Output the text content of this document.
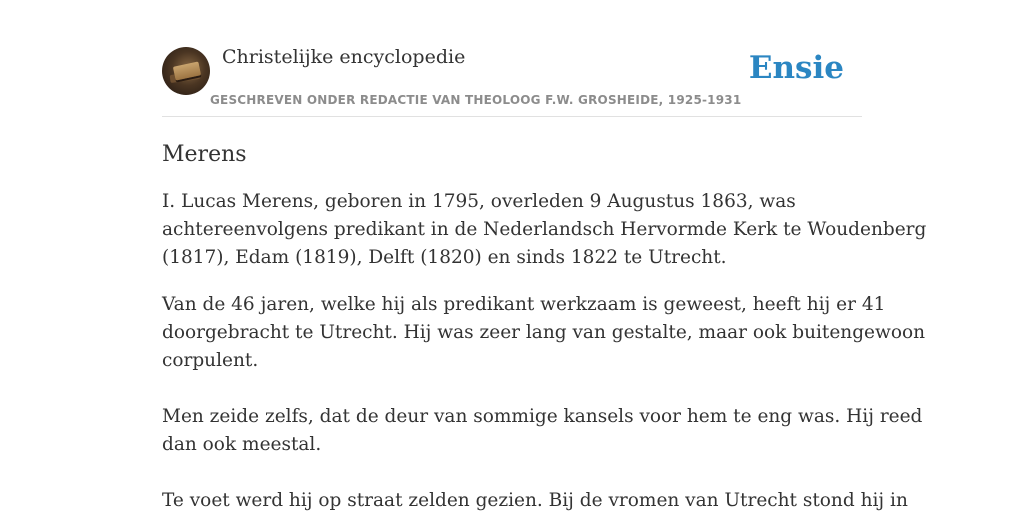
Christelijke encyclopedie
GESCHREVEN ONDER REDACTIE VAN THEOLOOG F.W. GROSHEIDE, 1925-1931
Ensie
Merens
I. Lucas Merens, geboren in 1795, overleden 9 Augustus 1863, was
achtereenvolgens predikant in de Nederlandsch Hervormde Kerk te Woudenberg
(1817), Edam (1819), Delft (1820) en sinds 1822 te Utrecht.
Van de 46 jaren, welke hij als predikant werkzaam is geweest, heeft hij er 41
doorgebracht te Utrecht. Hij was zeer lang van gestalte, maar ook buitengewoon
corpulent.
Men zeide zelfs, dat de deur van sommige kansels voor hem te eng was. Hij reed
dan ook meestal.
Te voet werd hij op straat zelden gezien. Bij de vromen van Utrecht stond hij in
